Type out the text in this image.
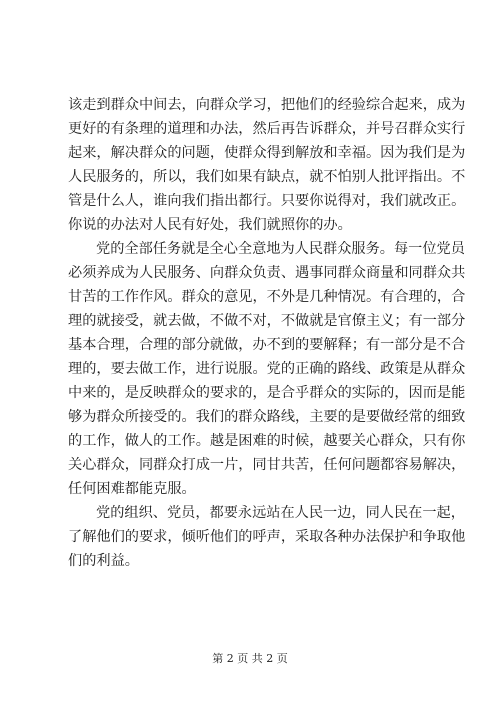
该走到群众中间去，向群众学习，把他们的经验综合起来，成为
更好的有条理的道理和办法，然后再告诉群众，并号召群众实行
起来，解决群众的问题，使群众得到解放和幸福。因为我们是为
人民服务的，所以，我们如果有缺点，就不怕别人批评指出。不
管是什么人，谁向我们指出都行。只要你说得对，我们就改正。
你说的办法对人民有好处，我们就照你的办。
党的全部任务就是全心全意地为人民群众服务。每一位党员
必须养成为人民服务、向群众负责、遇事同群众商量和同群众共
甘苦的工作作风。群众的意见，不外是几种情况。有合理的，合
理的就接受，就去做，不做不对，不做就是官僚主义；有一部分
基本合理，合理的部分就做，办不到的要解释；有一部分是不合
理的，要去做工作，进行说服。党的正确的路线、政策是从群众
中来的，是反映群众的要求的，是合乎群众的实际的，因而是能
够为群众所接受的。我们的群众路线，主要的是要做经常的细致
的工作，做人的工作。越是困难的时候，越要关心群众，只有你
关心群众，同群众打成一片，同甘共苦，任何问题都容易解决，
任何困难都能克服。
党的组织、党员，都要永远站在人民一边，同人民在一起，
了解他们的要求，倾听他们的呼声，采取各种办法保护和争取他
们的利益。
第 2 页 共 2 页
